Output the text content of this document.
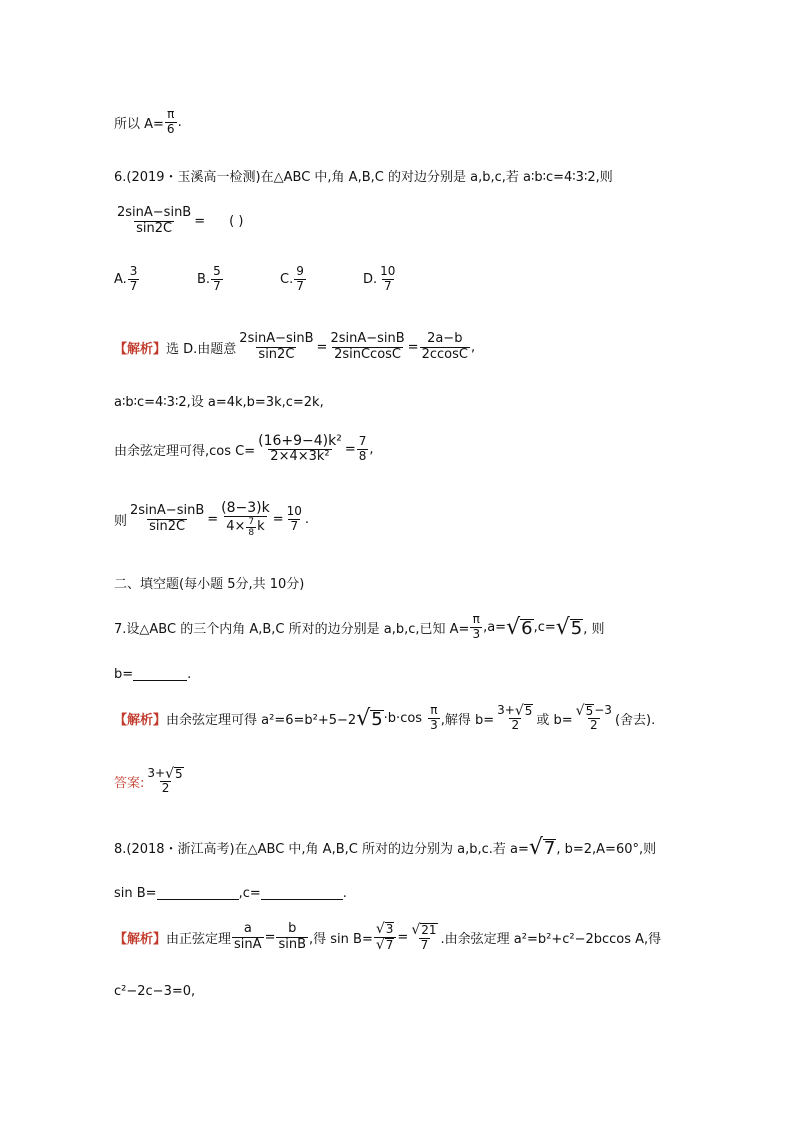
所以 $A= \frac{\pi}{6}$ .
6.(2019・玉溪高一检测)在△ABC 中,角 A,B,C 的对边分别是 a,b,c,若 a∶b∶c=4∶3∶2,则
$\frac{2\sin A-\sin B}{\sin 2C}$ = ( )
A. $\frac{3}{7}$	B. $\frac{5}{7}$	C. $\frac{9}{7}$	D. $\frac{10}{7}$
【解析】 选 D.由题意 $\frac{2\sin A-\sin B}{\sin 2C} = \frac{2\sin A-\sin B}{\text{2sinCcosC}} = \frac{2a-b}{2ccosC}$ ,
a∶b∶c=4∶3∶2,设 a=4k,b=3k,c=2k,
由余弦定理可得,cos $C= \frac{\text{(16+9−4)k²}}{\text{2×4×3k²}} = \frac{7}{8}$ ,
则 $\frac{2\sin A-\sin B}{\sin 2C} = \frac{(8-3)k}{4\times \frac{7}{8} k} = \frac{10}{7}$ .
二、填空题(每小题 5分,共 10分)
7.设△ABC 的三个内角 A,B,C 所对的边分别是 a,b,c,已知 $A= \frac{\pi}{3} ,a=$ √ 6 ,c= √ 5 , 则
b=	.
【解析】 由余弦定理可得 a²=6=b²+5−2 √ $5 \cdot b\cdot\cos \frac{\pi}{3}$ ,解得 $b= \frac{3+ √ 5}{2}$ 或 $b= \frac{√ 5 -3}{2}$ (舍去).
答案: $\frac{3+ √ 5}{2}$
8.(2018・浙江高考)在△ABC 中,角 A,B,C 所对的边分别为 a,b,c.若 a= √ 7 , b=2,A=60°,则
sin B=	,c=	.
【解析】 由正弦定理 $\frac{a}{\sin A} = \frac{b}{\sin B}$ ,得 $\sin B= \frac{√ 3}{√ 7} = \frac{√ 21}{7}$ .由余弦定理 a²=b²+c²−2bccos A,得
c²−2c−3=0,
